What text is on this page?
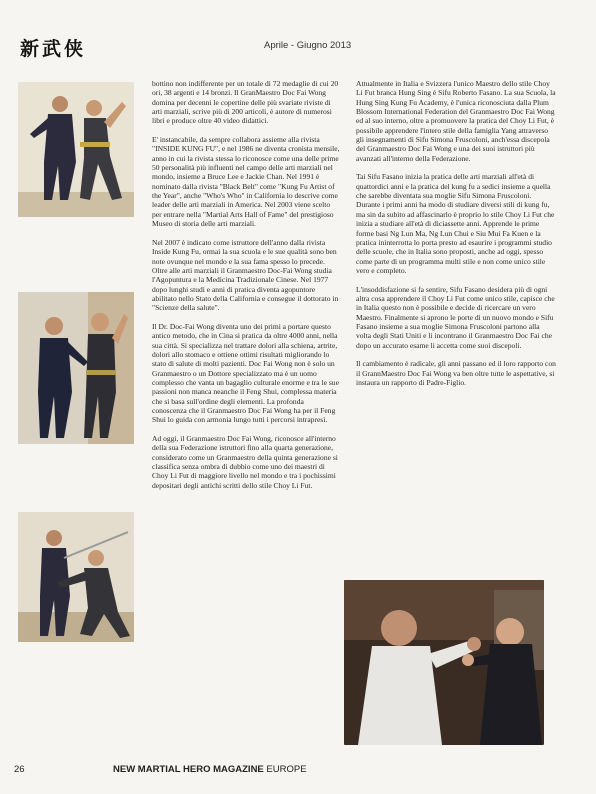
新武侠	Aprile - Giugno 2013

bottino non indifferente per un totale di 72 medaglie di cui 20 ori, 38 argenti e 14 bronzi. Il GranMaestro Doc Fai Wong domina per decenni le copertine delle più svariate riviste di arti marziali, scrive più di 200 articoli, è autore di numerosi libri e produce oltre 40 video didattici.

E' instancabile, da sempre collabora assieme alla rivista "INSIDE KUNG FU", e nel 1986 ne diventa cronista mensile, anno in cui la rivista stessa lo riconosce come una delle prime 50 personalità più influenti nel campo delle arti marziali nel mondo, insieme a Bruce Lee e Jackie Chan. Nel 1991 è nominato dalla rivista "Black Belt" come "Kung Fu Artist of the Year", anche "Who's Who" in California lo descrive come leader delle arti marziali in America. Nel 2003 viene scelto per entrare nella "Martial Arts Hall of Fame" del prestigioso Museo di storia delle arti marziali.

Nel 2007 è indicato come istruttore dell'anno dalla rivista Inside Kung Fu, ormai la sua scuola e le sue qualità sono ben note ovunque nel mondo e la sua fama spesso lo precede. Oltre alle arti marziali il Granmaestro Doc-Fai Wong studia l'Agopuntura e la Medicina Tradizionale Cinese. Nel 1977 dopo lunghi studi e anni di pratica diventa agopuntore abilitato nello Stato della California e consegue il dottorato in "Scienze della salute".

Il Dr. Doc-Fai Wong diventa uno dei primi a portare questo antico metodo, che in Cina si pratica da oltre 4000 anni, nella sua città. Si specializza nel trattare dolori alla schiena, artrite, dolori allo stomaco e ottiene ottimi risultati migliorando lo stato di salute di molti pazienti. Doc Fai Wong non è solo un Granmaestro o un Dottore specializzato ma è un uomo complesso che vanta un bagaglio culturale enorme e tra le sue passioni non manca neanche il Feng Shui, complessa materia che si basa sull'ordine degli elementi. La profonda conoscenza che il Granmaestro Doc Fai Wong ha per il Feng Shui lo guida con armonia lungo tutti i percorsi intrapresi.

Ad oggi, il Granmaestro Doc Fai Wong, riconosce all'interno della sua Federazione istruttori fino alla quarta generazione, considerato come un Granmaestro della quinta generazione si classifica senza ombra di dubbio come uno dei maestri di Choy Li Fut di maggiore livello nel mondo e tra i pochissimi depositari degli antichi scritti dello stile Choy Li Fut.

Attualmente in Italia e Svizzera l'unico Maestro dello stile Choy Li Fut branca Hung Sing è Sifu Roberto Fasano. La sua Scuola, la Hung Sing Kung Fu Academy, è l'unica riconosciuta dalla Plum Blossom International Federation del Granmaestro Doc Fai Wong ed al suo interno, oltre a promuovere la pratica del Choy Li Fut, è possibile apprendere l'intero stile della famiglia Yang attraverso gli insegnamenti di Sifu Simona Fruscoloni, anch'essa discepola del Granmaestro Doc Fai Wong e una dei suoi istruttori più avanzati all'interno della Federazione.

Tai Sifu Fasano inizia la pratica delle arti marziali all'età di quattordici anni e la pratica del kung fu a sedici insieme a quella che sarebbe diventata sua moglie Sifu Simona Fruscoloni. Durante i primi anni ha modo di studiare diversi stili di kung fu, ma sin da subito ad affascinarlo è proprio lo stile Choy Li Fut che inizia a studiare all'età di diciassette anni. Apprende le prime forme basi Ng Lun Ma, Ng Lun Chui e Siu Mui Fa Kuen e la pratica ininterrotta lo porta presto ad esaurire i programmi studio delle scuole, che in Italia sono proposti, anche ad oggi, spesso come parte di un programma multi stile e non come unico stile vero e completo.

L'insoddisfazione si fa sentire, Sifu Fasano desidera più di ogni altra cosa apprendere il Choy Li Fut come unico stile, capisce che in Italia questo non è possibile e decide di ricercare un vero Maestro. Finalmente si aprono le porte di un nuovo mondo e Sifu Fasano insieme a sua moglie Simona Fruscoloni partono alla volta degli Stati Uniti e li incontrano il Granmaestro Doc Fai che dopo un accurato esame li accetta come suoi discepoli.

Il cambiamento è radicale, gli anni passano ed il loro rapporto con il GrannMaestro Doc Fai Wong va ben oltre tutte le aspettative, si instaura un rapporto di Padre-Figlio.

26	NEW MARTIAL HERO MAGAZINE EUROPE
